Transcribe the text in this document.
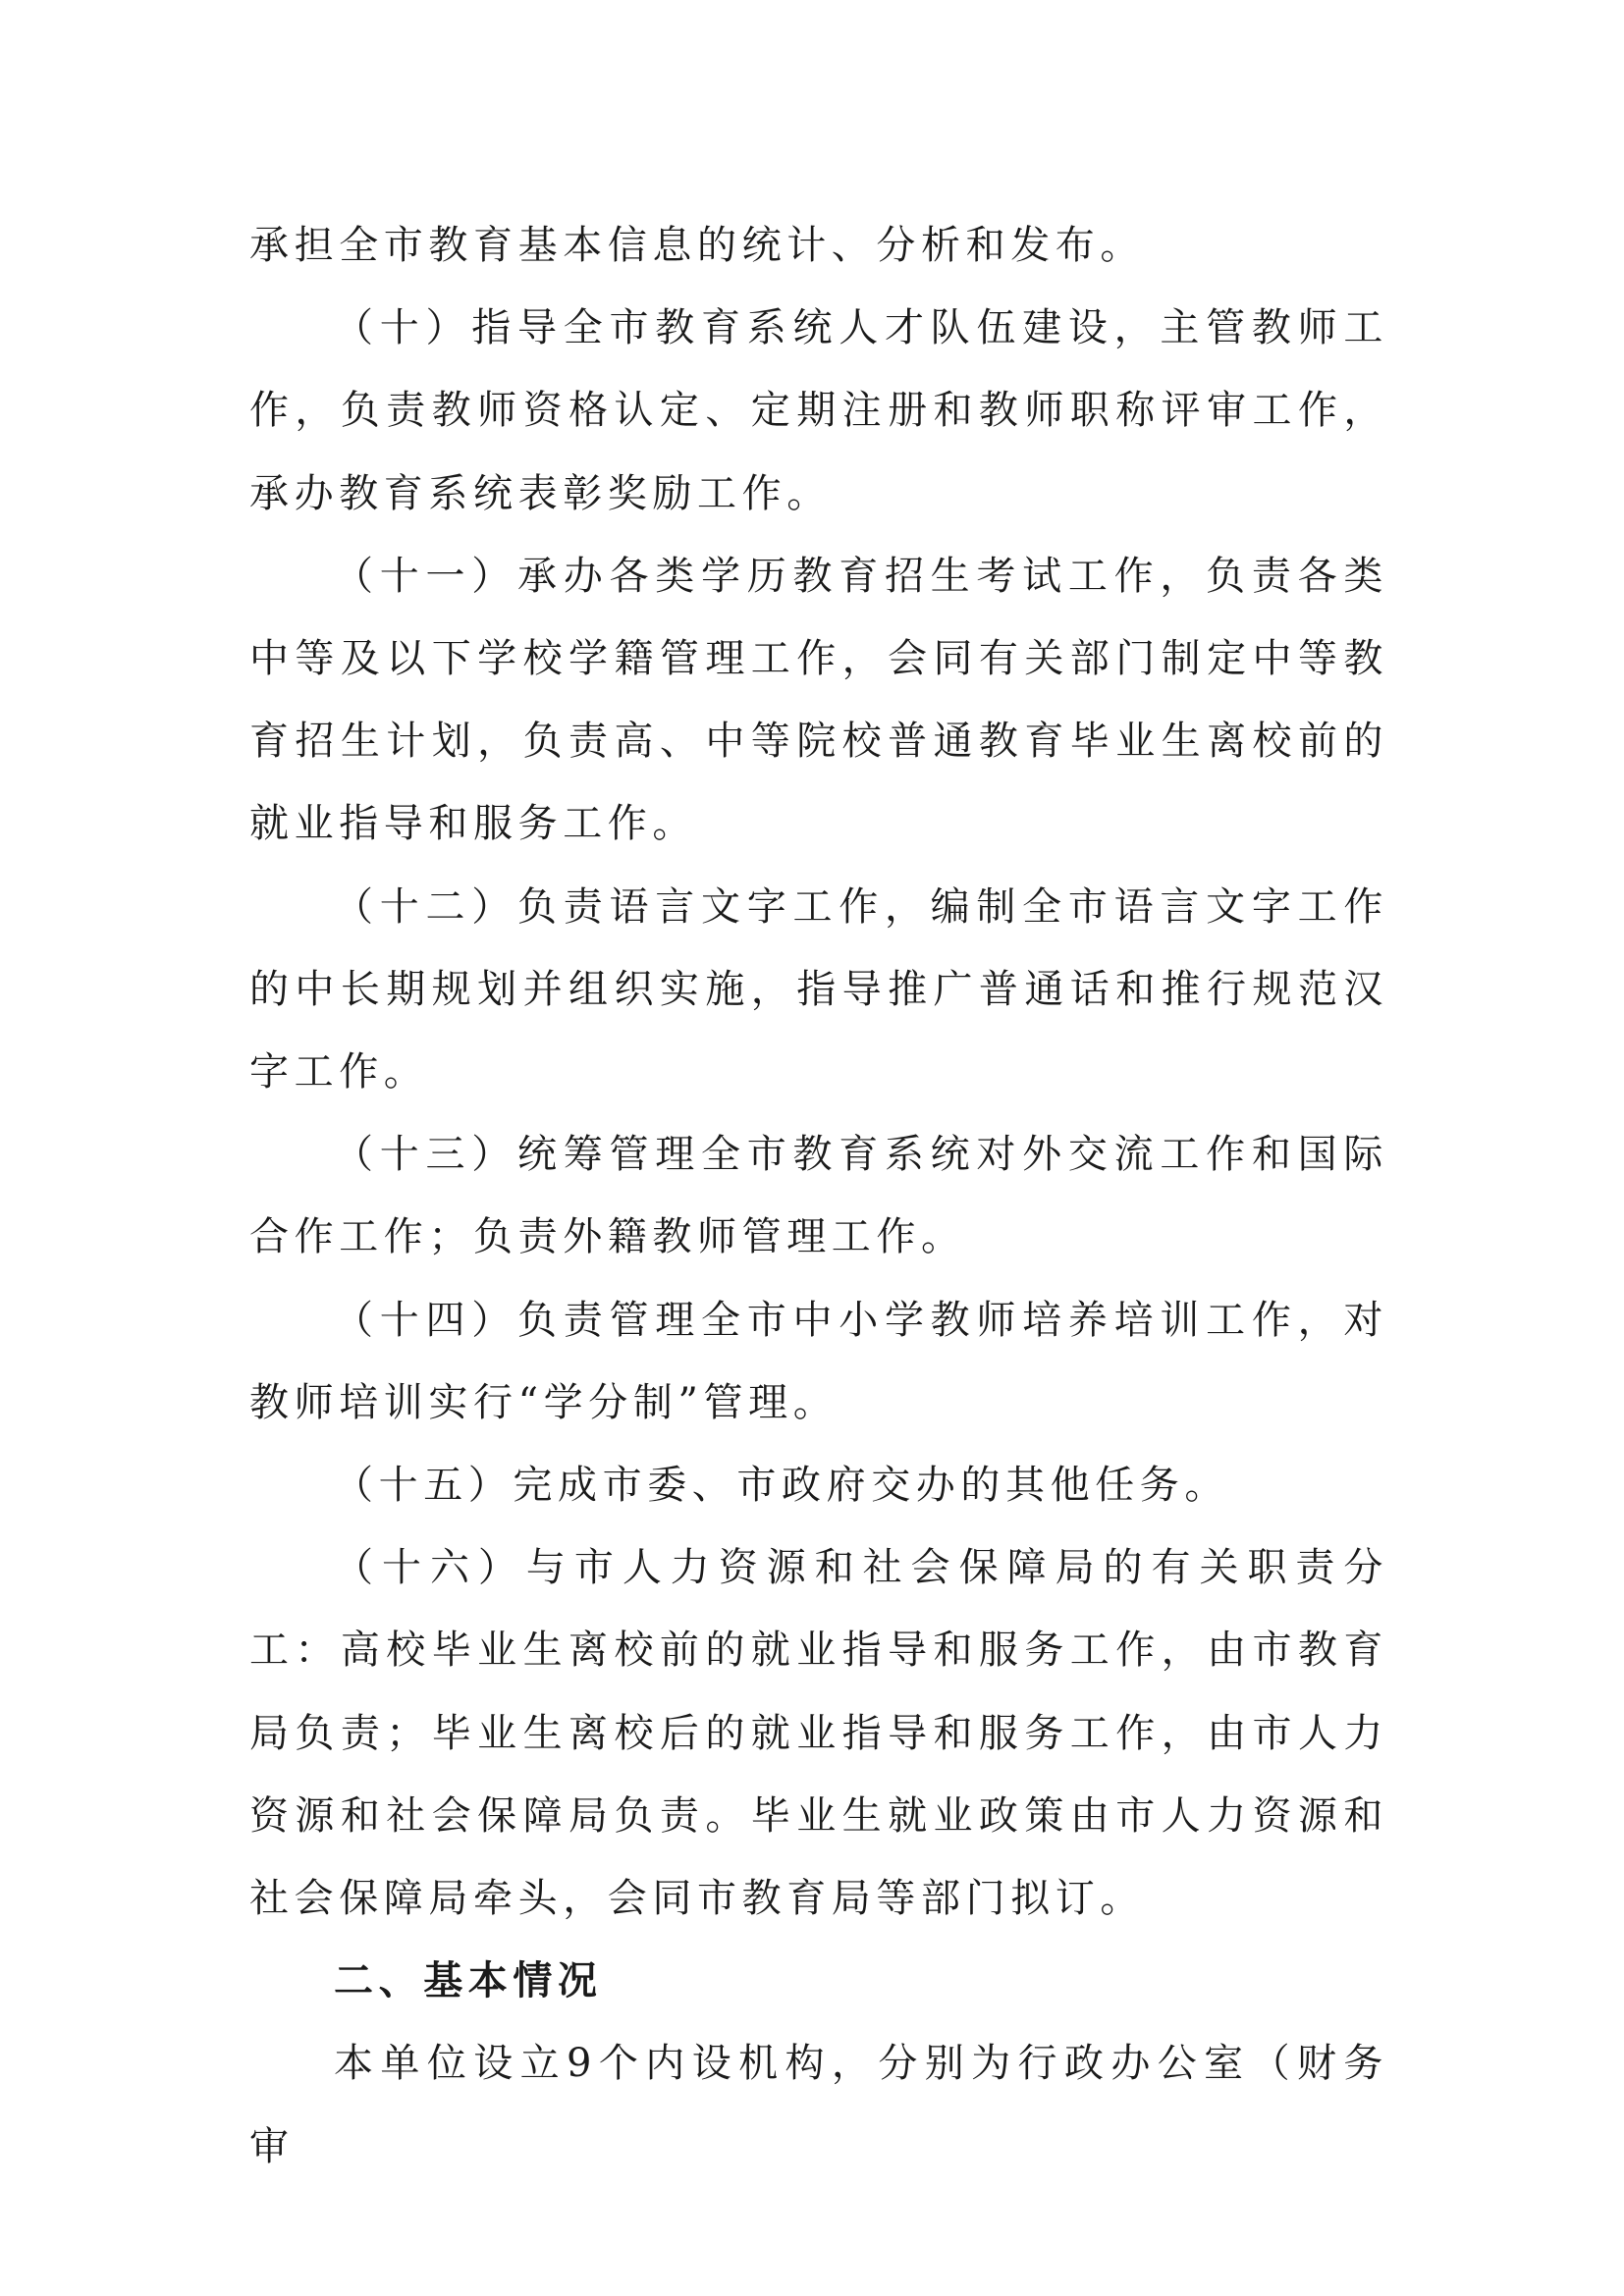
承担全市教育基本信息的统计、分析和发布。

（十）指导全市教育系统人才队伍建设，主管教师工作，负责教师资格认定、定期注册和教师职称评审工作，承办教育系统表彰奖励工作。

（十一）承办各类学历教育招生考试工作，负责各类中等及以下学校学籍管理工作，会同有关部门制定中等教育招生计划，负责高、中等院校普通教育毕业生离校前的就业指导和服务工作。

（十二）负责语言文字工作，编制全市语言文字工作的中长期规划并组织实施，指导推广普通话和推行规范汉字工作。

（十三）统筹管理全市教育系统对外交流工作和国际合作工作；负责外籍教师管理工作。

（十四）负责管理全市中小学教师培养培训工作，对教师培训实行“学分制”管理。

（十五）完成市委、市政府交办的其他任务。

（十六）与市人力资源和社会保障局的有关职责分工：高校毕业生离校前的就业指导和服务工作，由市教育局负责；毕业生离校后的就业指导和服务工作，由市人力资源和社会保障局负责。毕业生就业政策由市人力资源和社会保障局牵头，会同市教育局等部门拟订。

二、基本情况

本单位设立9个内设机构，分别为行政办公室（财务审
